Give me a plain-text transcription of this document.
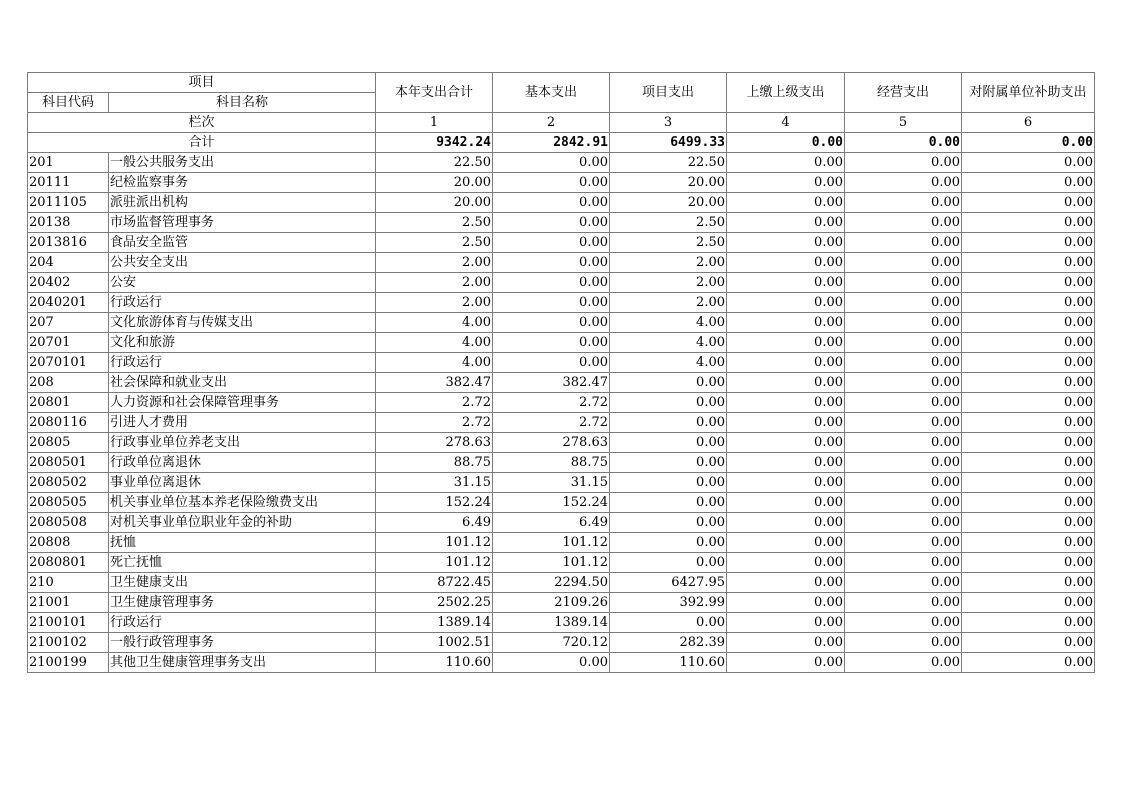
项目		本年支出合计	基本支出	项目支出	上缴上级支出	经营支出	对附属单位补助支出
科目代码	科目名称						
栏次		1	2	3	4	5	6
合计		9342.24	2842.91	6499.33	0.00	0.00	0.00
201	一般公共服务支出	22.50	0.00	22.50	0.00	0.00	0.00
20111	纪检监察事务	20.00	0.00	20.00	0.00	0.00	0.00
2011105	派驻派出机构	20.00	0.00	20.00	0.00	0.00	0.00
20138	市场监督管理事务	2.50	0.00	2.50	0.00	0.00	0.00
2013816	食品安全监管	2.50	0.00	2.50	0.00	0.00	0.00
204	公共安全支出	2.00	0.00	2.00	0.00	0.00	0.00
20402	公安	2.00	0.00	2.00	0.00	0.00	0.00
2040201	行政运行	2.00	0.00	2.00	0.00	0.00	0.00
207	文化旅游体育与传媒支出	4.00	0.00	4.00	0.00	0.00	0.00
20701	文化和旅游	4.00	0.00	4.00	0.00	0.00	0.00
2070101	行政运行	4.00	0.00	4.00	0.00	0.00	0.00
208	社会保障和就业支出	382.47	382.47	0.00	0.00	0.00	0.00
20801	人力资源和社会保障管理事务	2.72	2.72	0.00	0.00	0.00	0.00
2080116	引进人才费用	2.72	2.72	0.00	0.00	0.00	0.00
20805	行政事业单位养老支出	278.63	278.63	0.00	0.00	0.00	0.00
2080501	行政单位离退休	88.75	88.75	0.00	0.00	0.00	0.00
2080502	事业单位离退休	31.15	31.15	0.00	0.00	0.00	0.00
2080505	机关事业单位基本养老保险缴费支出	152.24	152.24	0.00	0.00	0.00	0.00
2080508	对机关事业单位职业年金的补助	6.49	6.49	0.00	0.00	0.00	0.00
20808	抚恤	101.12	101.12	0.00	0.00	0.00	0.00
2080801	死亡抚恤	101.12	101.12	0.00	0.00	0.00	0.00
210	卫生健康支出	8722.45	2294.50	6427.95	0.00	0.00	0.00
21001	卫生健康管理事务	2502.25	2109.26	392.99	0.00	0.00	0.00
2100101	行政运行	1389.14	1389.14	0.00	0.00	0.00	0.00
2100102	一般行政管理事务	1002.51	720.12	282.39	0.00	0.00	0.00
2100199	其他卫生健康管理事务支出	110.60	0.00	110.60	0.00	0.00	0.00
